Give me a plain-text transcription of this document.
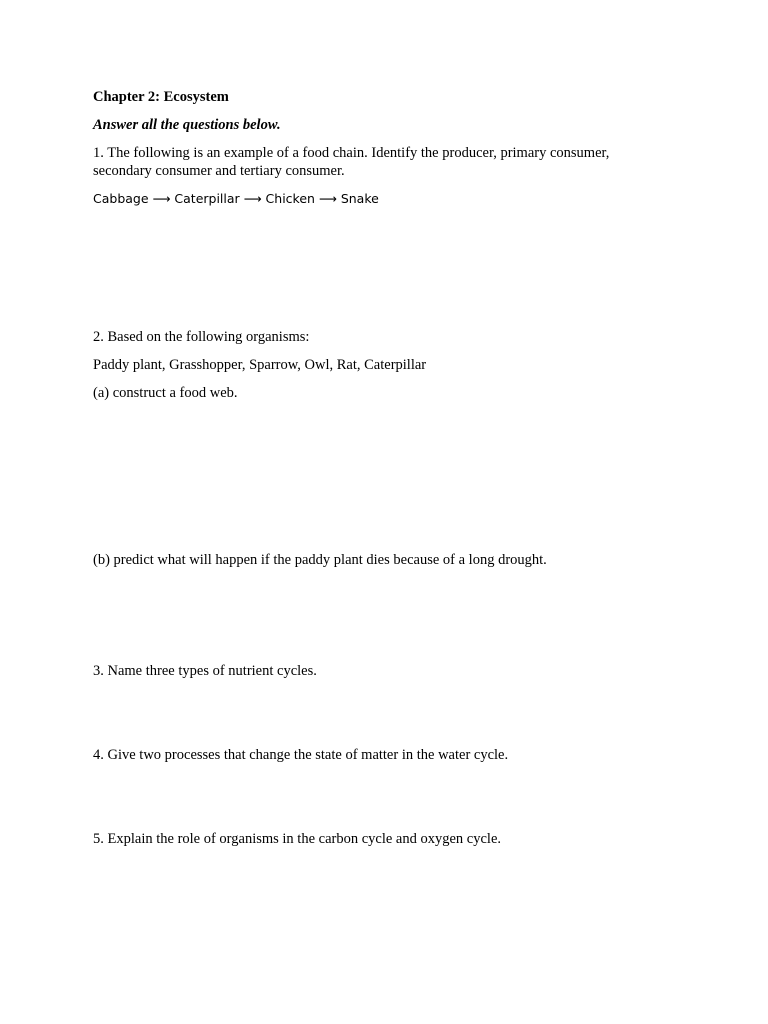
Chapter 2: Ecosystem
Answer all the questions below.
1. The following is an example of a food chain. Identify the producer, primary consumer, secondary consumer and tertiary consumer.
Cabbage ⟶ Caterpillar ⟶ Chicken ⟶ Snake
2. Based on the following organisms:
Paddy plant, Grasshopper, Sparrow, Owl, Rat, Caterpillar
(a) construct a food web.
(b) predict what will happen if the paddy plant dies because of a long drought.
3. Name three types of nutrient cycles.
4. Give two processes that change the state of matter in the water cycle.
5. Explain the role of organisms in the carbon cycle and oxygen cycle.
